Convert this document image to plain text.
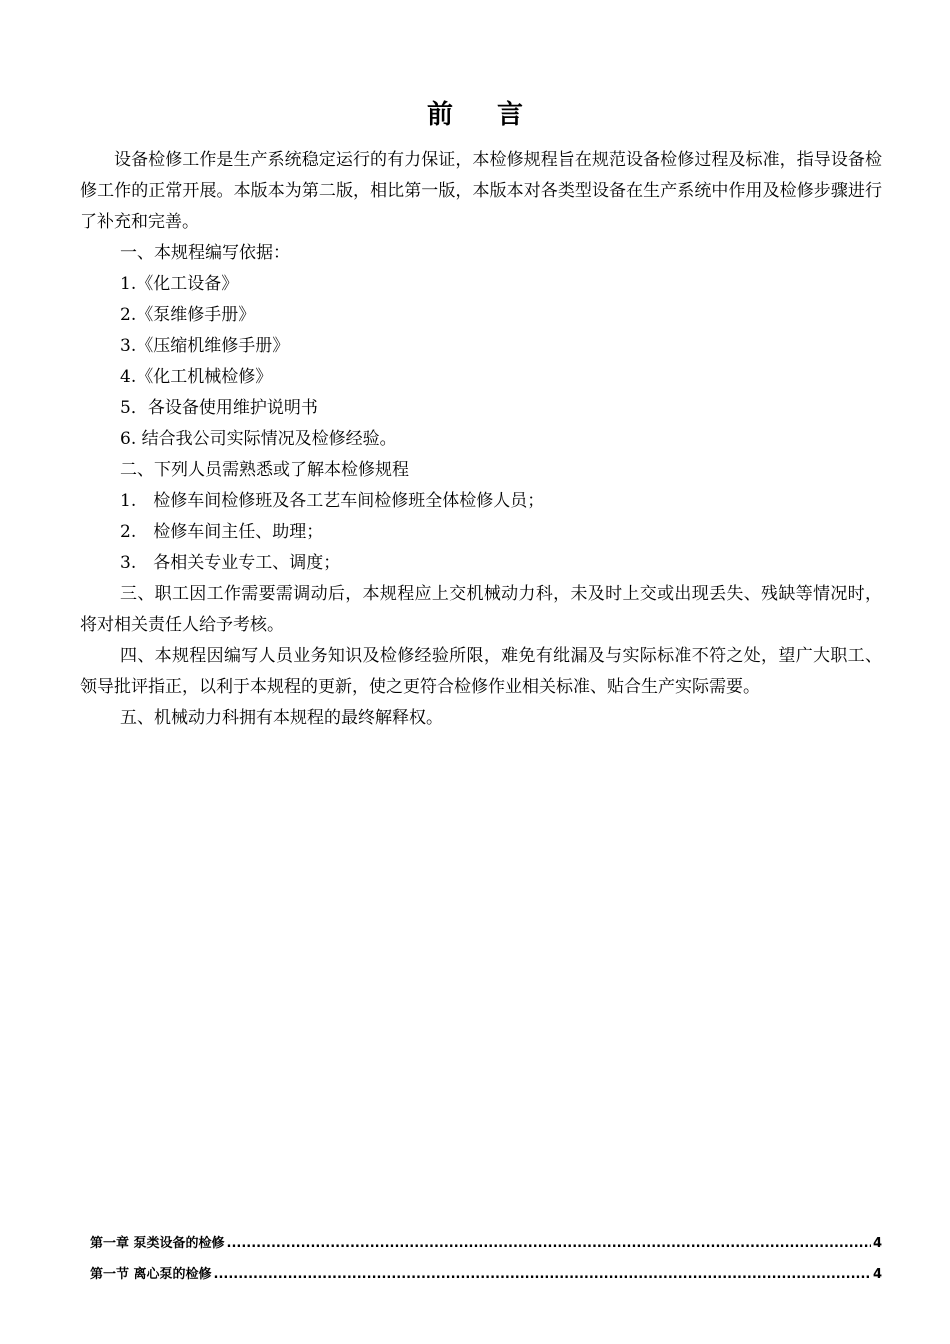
前言

设备检修工作是生产系统稳定运行的有力保证，本检修规程旨在规范设备检修过程及标准，指导设备检修工作的正常开展。本版本为第二版，相比第一版，本版本对各类型设备在生产系统中作用及检修步骤进行了补充和完善。

一、本规程编写依据：

1.《化工设备》

2.《泵维修手册》

3.《压缩机维修手册》

4.《化工机械检修》

5．各设备使用维护说明书

6. 结合我公司实际情况及检修经验。

二、下列人员需熟悉或了解本检修规程

1.　检修车间检修班及各工艺车间检修班全体检修人员；

2.　检修车间主任、助理；

3.　各相关专业专工、调度；

三、职工因工作需要需调动后，本规程应上交机械动力科，未及时上交或出现丢失、残缺等情况时，将对相关责任人给予考核。

四、本规程因编写人员业务知识及检修经验所限，难免有纰漏及与实际标准不符之处，望广大职工、领导批评指正，以利于本规程的更新，使之更符合检修作业相关标准、贴合生产实际需要。

五、机械动力科拥有本规程的最终解释权。

第一章 泵类设备的检修 .....	4
第一节 离心泵的检修 .....	4
